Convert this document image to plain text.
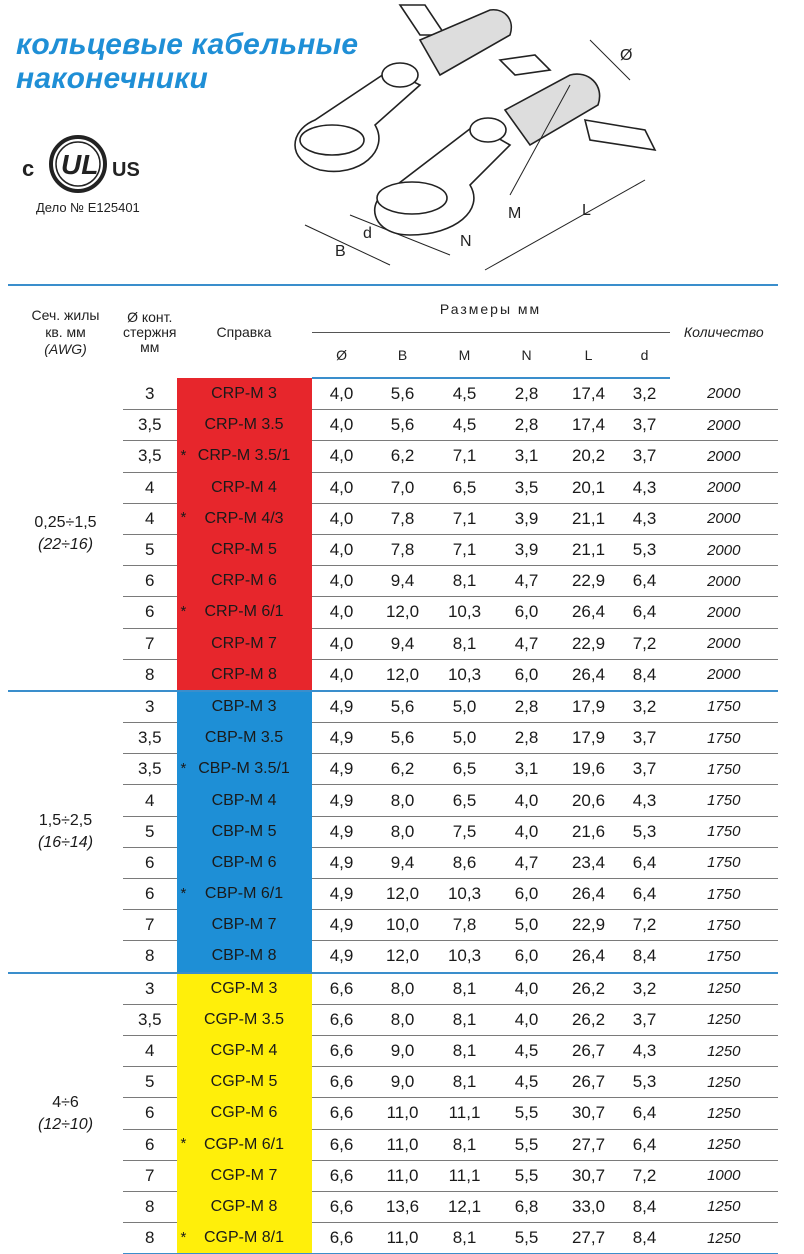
кольцевые кабельные
наконечники
c UL US
Дело № E125401
Ø
M	L
N
d
B
Сеч. жилы кв. мм
(AWG)	Ø конт. стержня мм	Справка	Размеры мм						Количество
			Ø	B	M	N	L	d	
0,25÷1,5
(22÷16)	3	CRP-M 3	4,0	5,6	4,5	2,8	17,4	3,2	2000
	3,5	CRP-M 3.5	4,0	5,6	4,5	2,8	17,4	3,7	2000
	3,5	* CRP-M 3.5/1	4,0	6,2	7,1	3,1	20,2	3,7	2000
	4	CRP-M 4	4,0	7,0	6,5	3,5	20,1	4,3	2000
	4	* CRP-M 4/3	4,0	7,8	7,1	3,9	21,1	4,3	2000
	5	CRP-M 5	4,0	7,8	7,1	3,9	21,1	5,3	2000
	6	CRP-M 6	4,0	9,4	8,1	4,7	22,9	6,4	2000
	6	* CRP-M 6/1	4,0	12,0	10,3	6,0	26,4	6,4	2000
	7	CRP-M 7	4,0	9,4	8,1	4,7	22,9	7,2	2000
	8	CRP-M 8	4,0	12,0	10,3	6,0	26,4	8,4	2000
1,5÷2,5
(16÷14)	3	CBP-M 3	4,9	5,6	5,0	2,8	17,9	3,2	1750
	3,5	CBP-M 3.5	4,9	5,6	5,0	2,8	17,9	3,7	1750
	3,5	* CBP-M 3.5/1	4,9	6,2	6,5	3,1	19,6	3,7	1750
	4	CBP-M 4	4,9	8,0	6,5	4,0	20,6	4,3	1750
	5	CBP-M 5	4,9	8,0	7,5	4,0	21,6	5,3	1750
	6	CBP-M 6	4,9	9,4	8,6	4,7	23,4	6,4	1750
	6	* CBP-M 6/1	4,9	12,0	10,3	6,0	26,4	6,4	1750
	7	CBP-M 7	4,9	10,0	7,8	5,0	22,9	7,2	1750
	8	CBP-M 8	4,9	12,0	10,3	6,0	26,4	8,4	1750
4÷6
(12÷10)	3	CGP-M 3	6,6	8,0	8,1	4,0	26,2	3,2	1250
	3,5	CGP-M 3.5	6,6	8,0	8,1	4,0	26,2	3,7	1250
	4	CGP-M 4	6,6	9,0	8,1	4,5	26,7	4,3	1250
	5	CGP-M 5	6,6	9,0	8,1	4,5	26,7	5,3	1250
	6	CGP-M 6	6,6	11,0	11,1	5,5	30,7	6,4	1250
	6	* CGP-M 6/1	6,6	11,0	8,1	5,5	27,7	6,4	1250
	7	CGP-M 7	6,6	11,0	11,1	5,5	30,7	7,2	1000
	8	CGP-M 8	6,6	13,6	12,1	6,8	33,0	8,4	1250
	8	* CGP-M 8/1	6,6	11,0	8,1	5,5	27,7	8,4	1250
